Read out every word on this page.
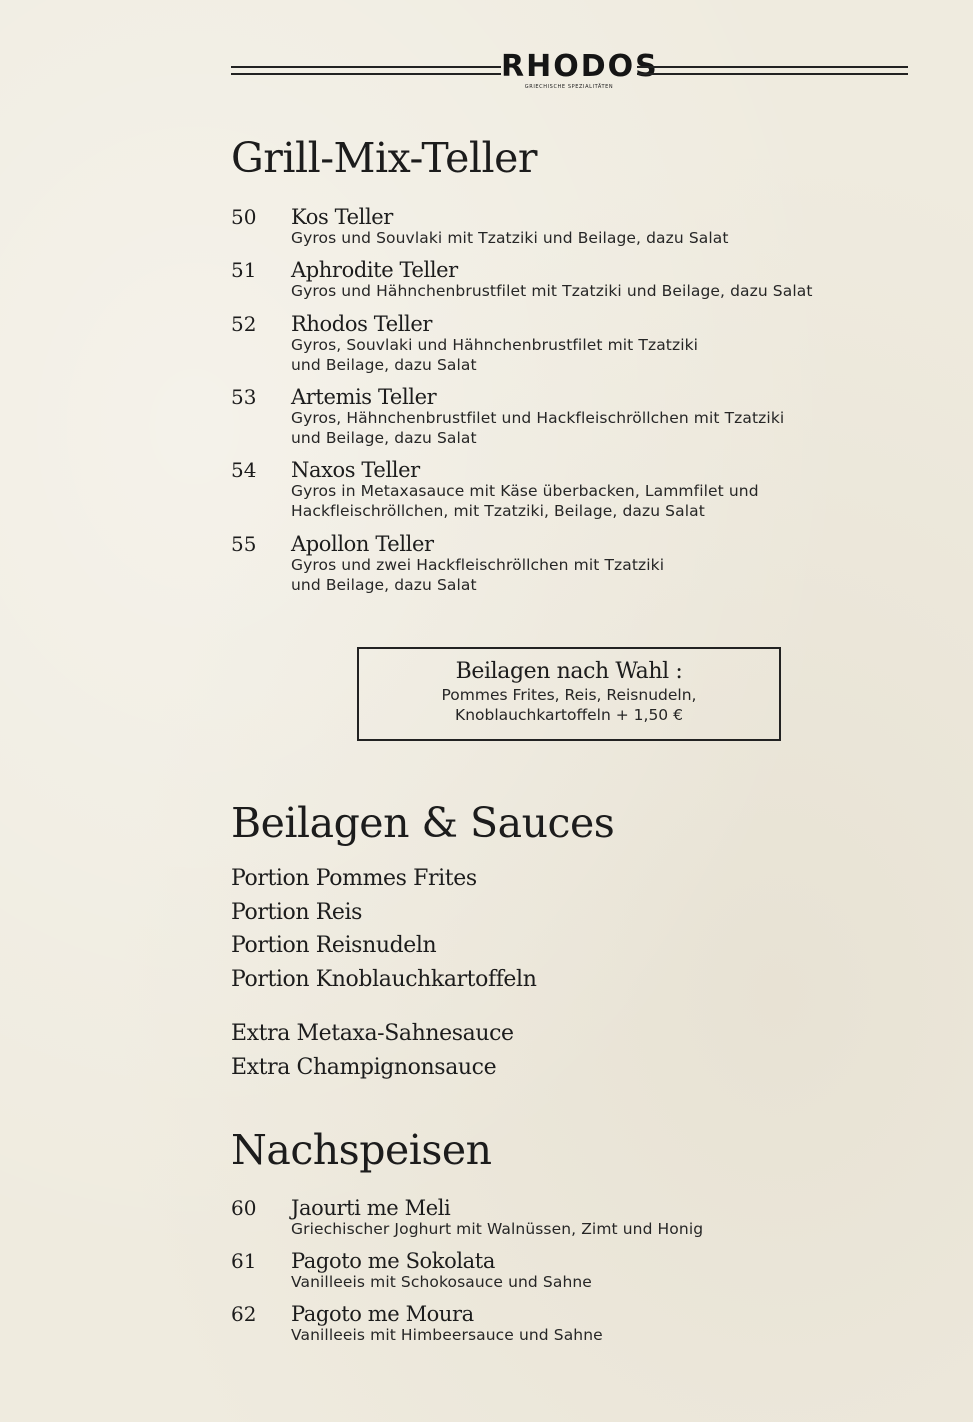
RHODOS
GRIECHISCHE SPEZIALITÄTEN
Grill-Mix-Teller
50 Kos Teller
Gyros und Souvlaki mit Tzatziki und Beilage, dazu Salat
51 Aphrodite Teller
Gyros und Hähnchenbrustfilet mit Tzatziki und Beilage, dazu Salat
52 Rhodos Teller
Gyros, Souvlaki und Hähnchenbrustfilet mit Tzatziki
und Beilage, dazu Salat
53 Artemis Teller
Gyros, Hähnchenbrustfilet und Hackfleischröllchen mit Tzatziki
und Beilage, dazu Salat
54 Naxos Teller
Gyros in Metaxasauce mit Käse überbacken, Lammfilet und
Hackfleischröllchen, mit Tzatziki, Beilage, dazu Salat
55 Apollon Teller
Gyros und zwei Hackfleischröllchen mit Tzatziki
und Beilage, dazu Salat
Beilagen nach Wahl :
Pommes Frites, Reis, Reisnudeln,
Knoblauchkartoffeln + 1,50 €
Beilagen & Sauces
Portion Pommes Frites
Portion Reis
Portion Reisnudeln
Portion Knoblauchkartoffeln
Extra Metaxa-Sahnesauce
Extra Champignonsauce
Nachspeisen
60 Jaourti me Meli
Griechischer Joghurt mit Walnüssen, Zimt und Honig
61 Pagoto me Sokolata
Vanilleeis mit Schokosauce und Sahne
62 Pagoto me Moura
Vanilleeis mit Himbeersauce und Sahne
